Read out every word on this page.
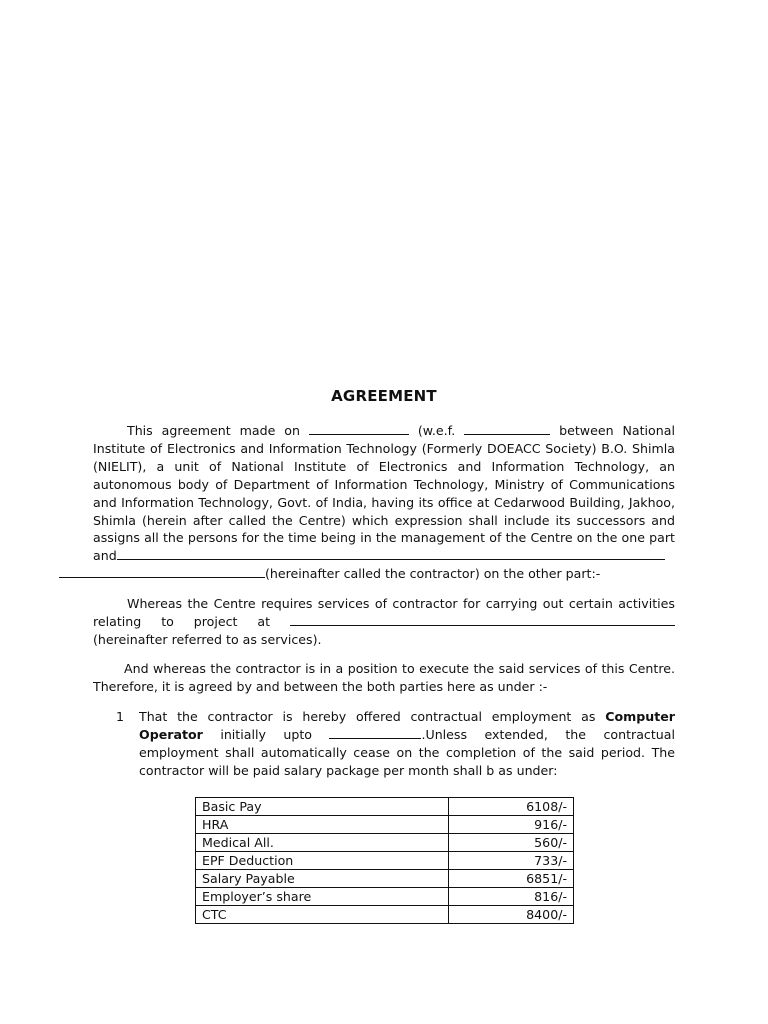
AGREEMENT
This agreement made on	(w.e.f.	between National Institute of Electronics and Information Technology (Formerly DOEACC Society) B.O. Shimla (NIELIT), a unit of National Institute of Electronics and Information Technology, an autonomous body of Department of Information Technology, Ministry of Communications and Information Technology, Govt. of India, having its office at Cedarwood Building, Jakhoo, Shimla (herein after called the Centre) which expression shall include its successors and assigns all the persons for the time being in the management of the Centre on the one part and
(hereinafter called the contractor) on the other part:-
Whereas the Centre requires services of contractor for carrying out certain activities relating to project at  (hereinafter referred to as services).
And whereas the contractor is in a position to execute the said services of this Centre. Therefore, it is agreed by and between the both parties here as under :-
1 That the contractor is hereby offered contractual employment as Computer Operator initially upto	.Unless extended, the contractual employment shall automatically cease on the completion of the said period. The contractor will be paid salary package per month shall b as under:
Basic Pay	6108/-
HRA	916/-
Medical All.	560/-
EPF Deduction	733/-
Salary Payable	6851/-
Employer’s share	816/-
CTC	8400/-
